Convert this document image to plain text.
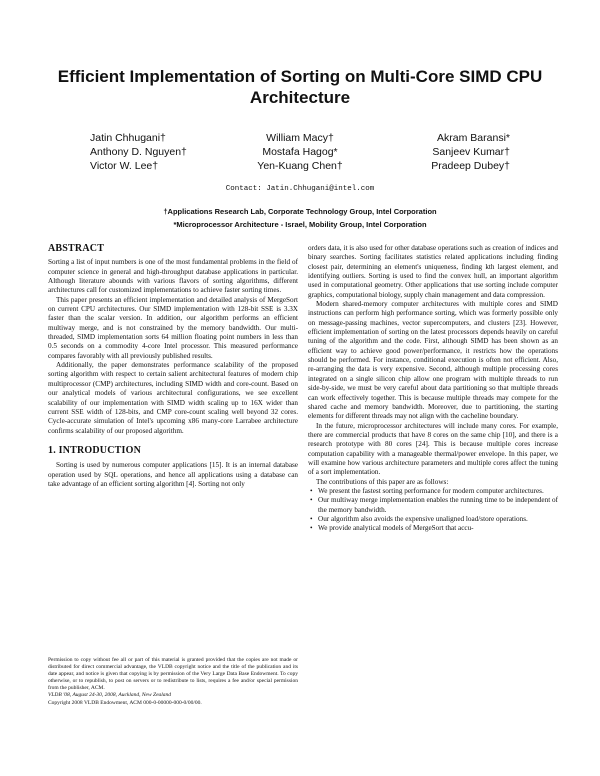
Efficient Implementation of Sorting on Multi-Core SIMD CPU Architecture
Jatin Chhugani†
Anthony D. Nguyen†
Victor W. Lee†
William Macy†
Mostafa Hagog*
Yen-Kuang Chen†
Akram Baransi*
Sanjeev Kumar†
Pradeep Dubey†
Contact: Jatin.Chhugani@intel.com
†Applications Research Lab, Corporate Technology Group, Intel Corporation
*Microprocessor Architecture - Israel, Mobility Group, Intel Corporation
ABSTRACT

Sorting a list of input numbers is one of the most fundamental problems in the field of computer science in general and high-throughput database applications in particular. Although literature abounds with various flavors of sorting algorithms, different architectures call for customized implementations to achieve faster sorting times.

This paper presents an efficient implementation and detailed analysis of MergeSort on current CPU architectures. Our SIMD implementation with 128-bit SSE is 3.3X faster than the scalar version. In addition, our algorithm performs an efficient multiway merge, and is not constrained by the memory bandwidth. Our multi-threaded, SIMD implementation sorts 64 million floating point numbers in less than 0.5 seconds on a commodity 4-core Intel processor. This measured performance compares favorably with all previously published results.

Additionally, the paper demonstrates performance scalability of the proposed sorting algorithm with respect to certain salient architectural features of modern chip multiprocessor (CMP) architectures, including SIMD width and core-count. Based on our analytical models of various architectural configurations, we see excellent scalability of our implementation with SIMD width scaling up to 16X wider than current SSE width of 128-bits, and CMP core-count scaling well beyond 32 cores. Cycle-accurate simulation of Intel's upcoming x86 many-core Larrabee architecture confirms scalability of our proposed algorithm.

1. INTRODUCTION

Sorting is used by numerous computer applications [15]. It is an internal database operation used by SQL operations, and hence all applications using a database can take advantage of an efficient sorting algorithm [4]. Sorting not only

Permission to copy without fee all or part of this material is granted provided that the copies are not made or distributed for direct commercial advantage, the VLDB copyright notice and the title of the publication and its date appear, and notice is given that copying is by permission of the Very Large Data Base Endowment. To copy otherwise, or to republish, to post on servers or to redistribute to lists, requires a fee and/or special permission from the publisher, ACM.

VLDB '08, August 24-30, 2008, Auckland, New Zealand

Copyright 2008 VLDB Endowment, ACM 000-0-00000-000-0/00/00.

orders data, it is also used for other database operations such as creation of indices and binary searches. Sorting facilitates statistics related applications including finding closest pair, determining an element's uniqueness, finding kth largest element, and identifying outliers. Sorting is used to find the convex hull, an important algorithm used in computational geometry. Other applications that use sorting include computer graphics, computational biology, supply chain management and data compression.

Modern shared-memory computer architectures with multiple cores and SIMD instructions can perform high performance sorting, which was formerly possible only on message-passing machines, vector supercomputers, and clusters [23]. However, efficient implementation of sorting on the latest processors depends heavily on careful tuning of the algorithm and the code. First, although SIMD has been shown as an efficient way to achieve good power/performance, it restricts how the operations should be performed. For instance, conditional execution is often not efficient. Also, re-arranging the data is very expensive. Second, although multiple processing cores integrated on a single silicon chip allow one program with multiple threads to run side-by-side, we must be very careful about data partitioning so that multiple threads can work effectively together. This is because multiple threads may compete for the shared cache and memory bandwidth. Moreover, due to partitioning, the starting elements for different threads may not align with the cacheline boundary.

In the future, microprocessor architectures will include many cores. For example, there are commercial products that have 8 cores on the same chip [10], and there is a research prototype with 80 cores [24]. This is because multiple cores increase computation capability with a manageable thermal/power envelope. In this paper, we will examine how various architecture parameters and multiple cores affect the tuning of a sort implementation.

The contributions of this paper are as follows:

• We present the fastest sorting performance for modern computer architectures.
• Our multiway merge implementation enables the running time to be independent of the memory bandwidth.
• Our algorithm also avoids the expensive unaligned load/store operations.
• We provide analytical models of MergeSort that accu-
